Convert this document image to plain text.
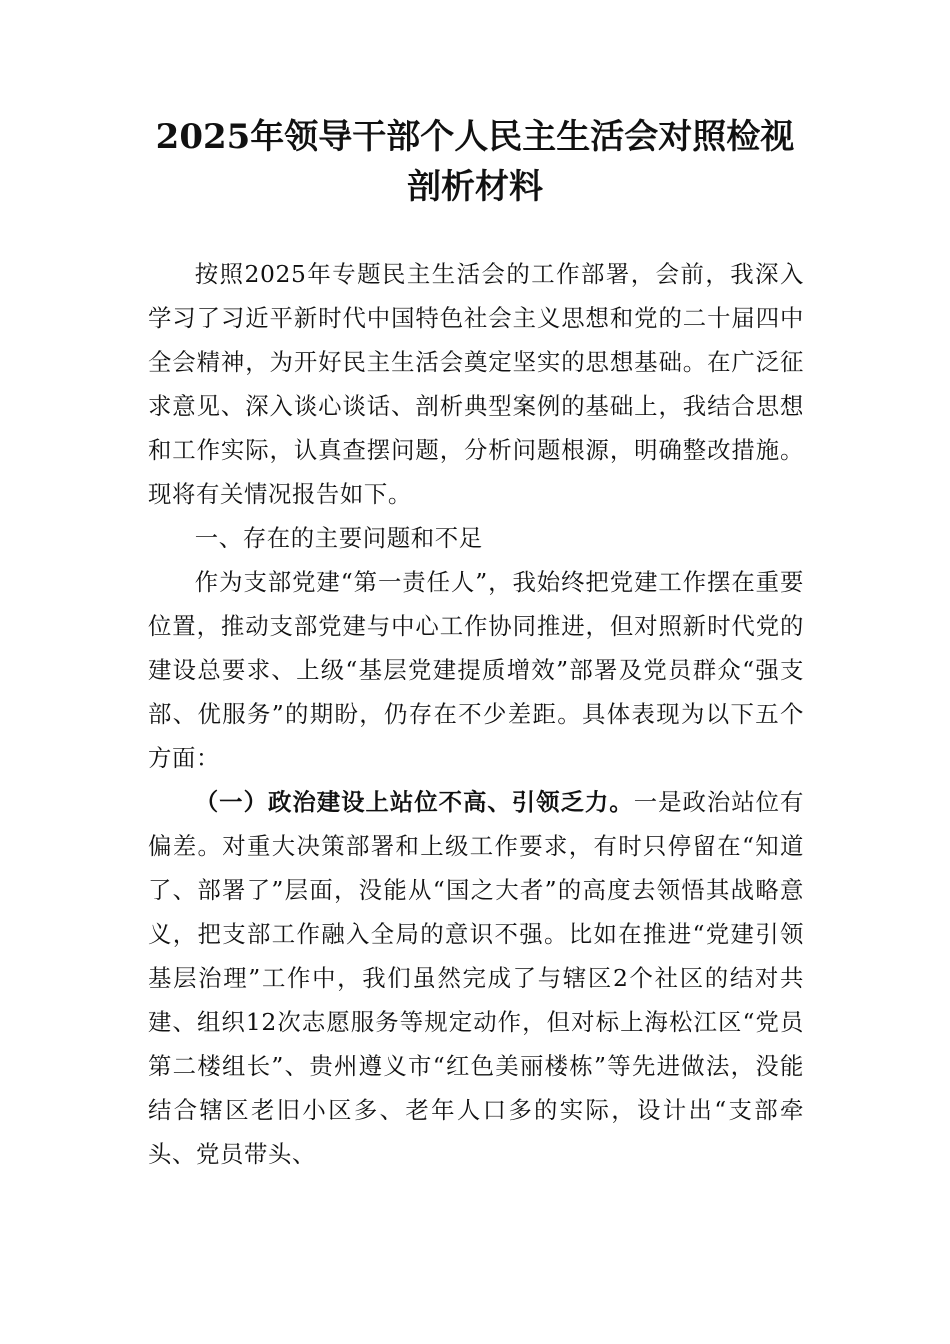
2025年领导干部个人民主生活会对照检视
剖析材料

按照2025年专题民主生活会的工作部署，会前，我深入学习了习近平新时代中国特色社会主义思想和党的二十届四中全会精神，为开好民主生活会奠定坚实的思想基础。在广泛征求意见、深入谈心谈话、剖析典型案例的基础上，我结合思想和工作实际，认真查摆问题，分析问题根源，明确整改措施。现将有关情况报告如下。

一、存在的主要问题和不足

作为支部党建“第一责任人”，我始终把党建工作摆在重要位置，推动支部党建与中心工作协同推进，但对照新时代党的建设总要求、上级“基层党建提质增效”部署及党员群众“强支部、优服务”的期盼，仍存在不少差距。具体表现为以下五个方面：

（一）政治建设上站位不高、引领乏力。一是政治站位有偏差。对重大决策部署和上级工作要求，有时只停留在“知道了、部署了”层面，没能从“国之大者”的高度去领悟其战略意义，把支部工作融入全局的意识不强。比如在推进“党建引领基层治理”工作中，我们虽然完成了与辖区2个社区的结对共建、组织12次志愿服务等规定动作，但对标上海松江区“党员第二楼组长”、贵州遵义市“红色美丽楼栋”等先进做法，没能结合辖区老旧小区多、老年人口多的实际，设计出“支部牵头、党员带头、
